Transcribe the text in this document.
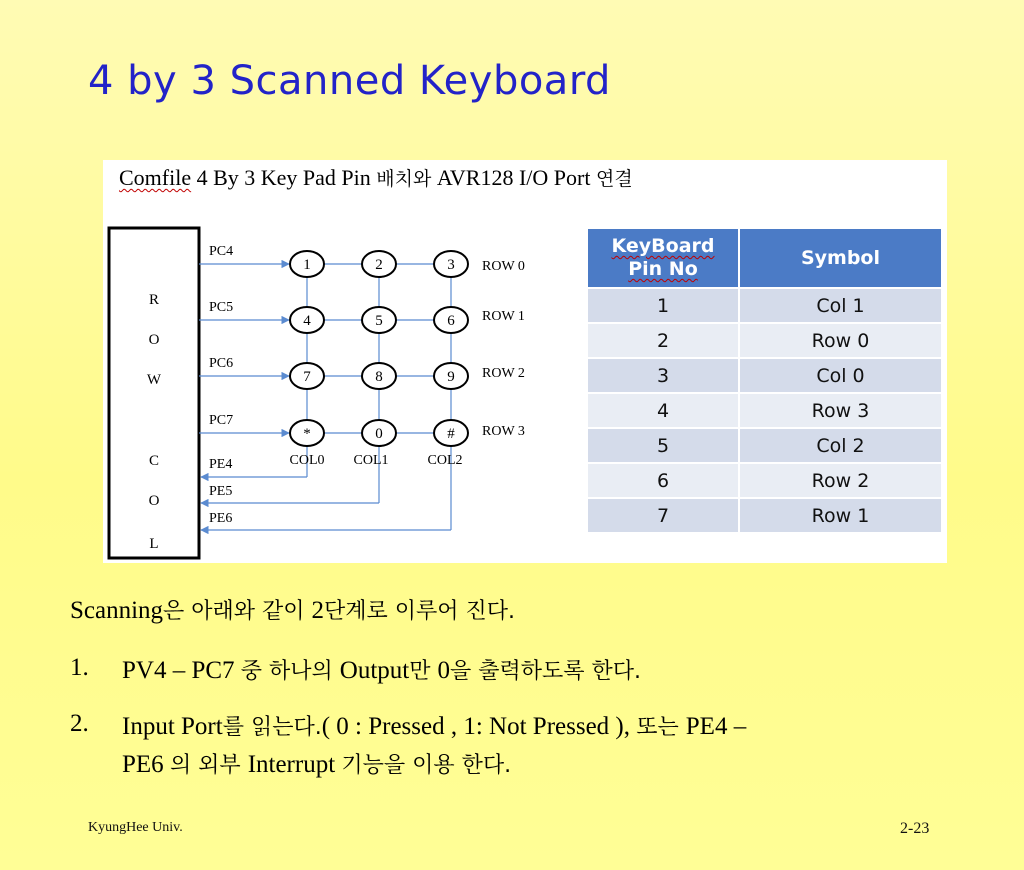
4 by 3 Scanned Keyboard
Comfile 4 By 3 Key Pad Pin 배치와 AVR128 I/O Port 연결
R
O
W
C
O
L
PC4
PC5
PC6
PC7
PE4
PE5
PE6
1	2	3
4	5	6
7	8	9
*	0	#
ROW 0
ROW 1
ROW 2
ROW 3
COL0 COL1	COL2
KeyBoard
Pin No	Symbol
1	Col 1
2	Row 0
3	Col 0
4	Row 3
5	Col 2
6	Row 2
7	Row 1
Scanning은 아래와 같이 2단계로 이루어 진다.
1. PV4 – PC7 중 하나의 Output만 0을 출력하도록 한다.
2. Input Port를 읽는다.( 0 : Pressed , 1: Not Pressed ), 또는 PE4 –
PE6 의 외부 Interrupt 기능을 이용 한다.
KyungHee Univ.	2-23
